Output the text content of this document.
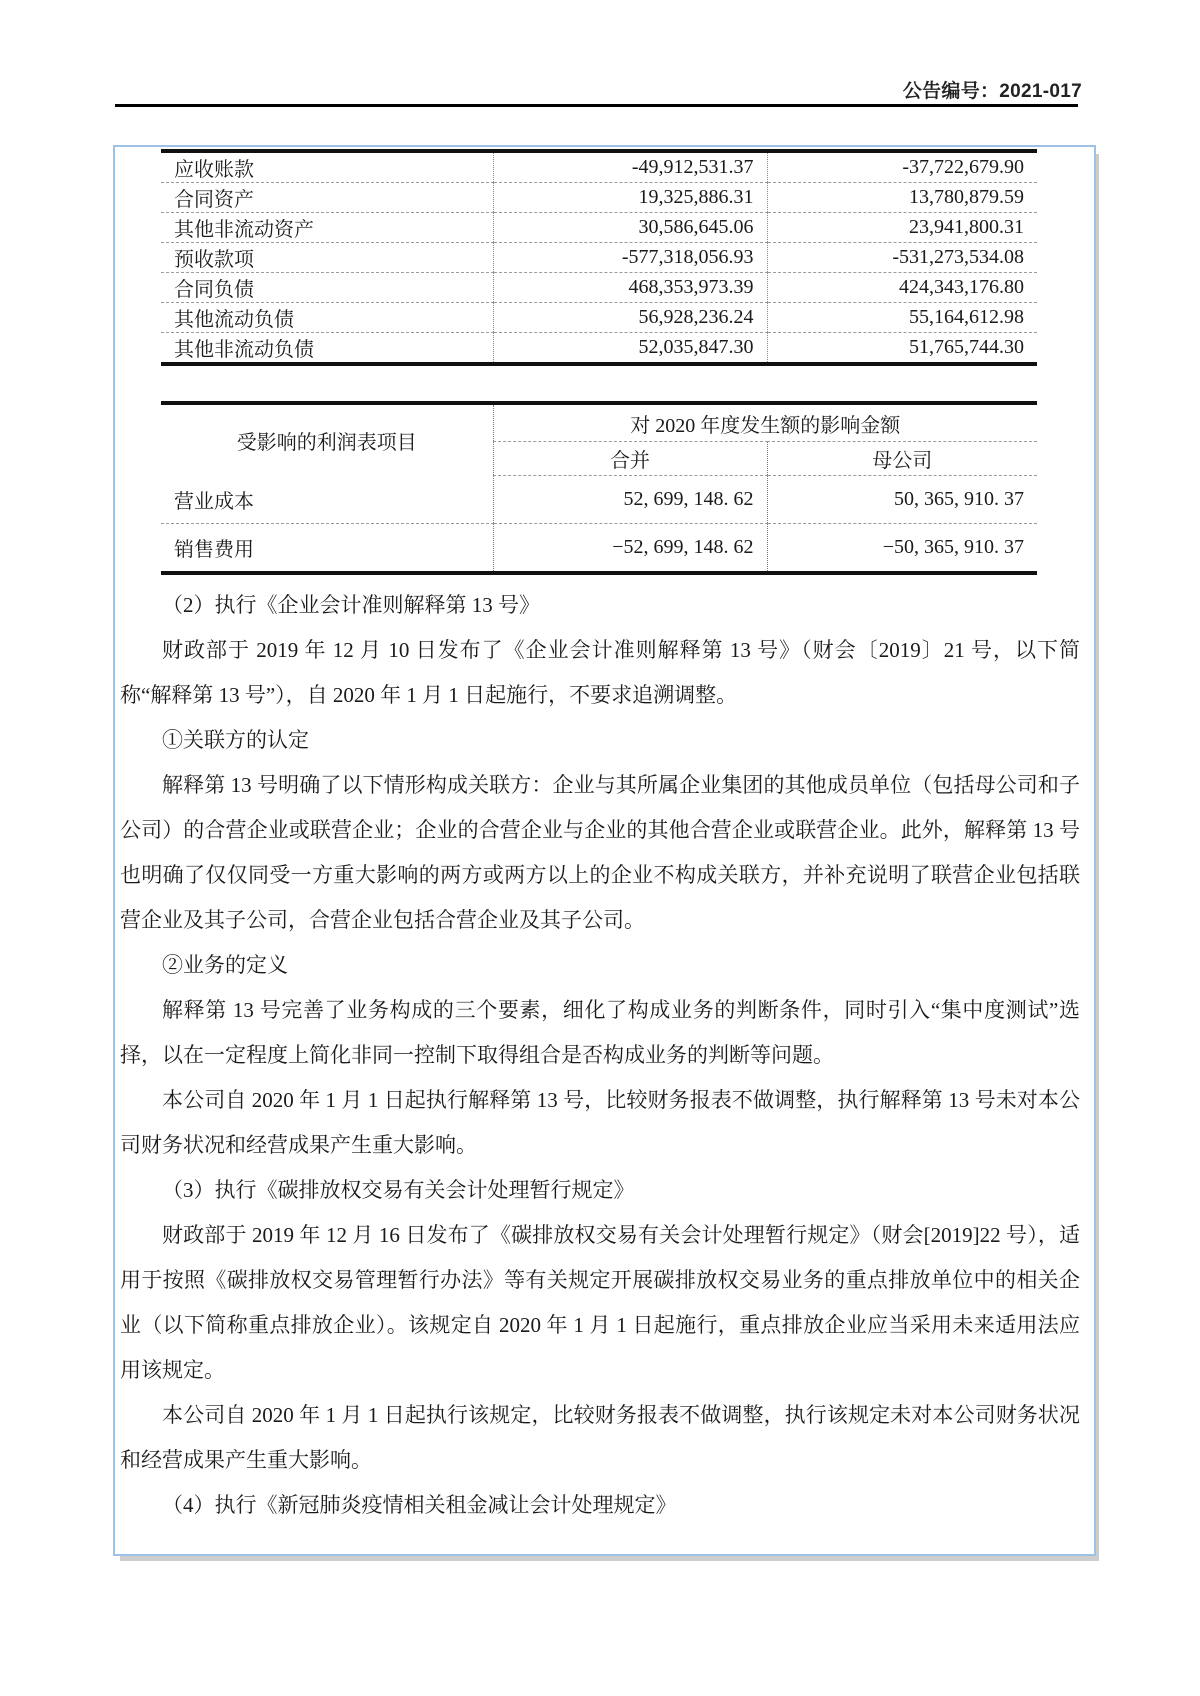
公告编号：2021-017
应收账款	-49,912,531.37	-37,722,679.90
合同资产	19,325,886.31	13,780,879.59
其他非流动资产	30,586,645.06	23,941,800.31
预收款项	-577,318,056.93	-531,273,534.08
合同负债	468,353,973.39	424,343,176.80
其他流动负债	56,928,236.24	55,164,612.98
其他非流动负债	52,035,847.30	51,765,744.30
受影响的利润表项目	对 2020 年度发生额的影响金额	
	合并	母公司
营业成本	52, 699, 148. 62	50, 365, 910. 37
销售费用	−52, 699, 148. 62	−50, 365, 910. 37

（2）执行《企业会计准则解释第 13 号》

财政部于 2019 年 12 月 10 日发布了《企业会计准则解释第 13 号》（财会〔2019〕21 号，以下简称“解释第 13 号”），自 2020 年 1 月 1 日起施行，不要求追溯调整。

①关联方的认定

解释第 13 号明确了以下情形构成关联方：企业与其所属企业集团的其他成员单位（包括母公司和子公司）的合营企业或联营企业；企业的合营企业与企业的其他合营企业或联营企业。此外，解释第 13 号也明确了仅仅同受一方重大影响的两方或两方以上的企业不构成关联方，并补充说明了联营企业包括联营企业及其子公司，合营企业包括合营企业及其子公司。

②业务的定义

解释第 13 号完善了业务构成的三个要素，细化了构成业务的判断条件，同时引入“集中度测试”选择，以在一定程度上简化非同一控制下取得组合是否构成业务的判断等问题。

本公司自 2020 年 1 月 1 日起执行解释第 13 号，比较财务报表不做调整，执行解释第 13 号未对本公司财务状况和经营成果产生重大影响。

（3）执行《碳排放权交易有关会计处理暂行规定》

财政部于 2019 年 12 月 16 日发布了《碳排放权交易有关会计处理暂行规定》（财会[2019]22 号），适用于按照《碳排放权交易管理暂行办法》等有关规定开展碳排放权交易业务的重点排放单位中的相关企业（以下简称重点排放企业）。该规定自 2020 年 1 月 1 日起施行，重点排放企业应当采用未来适用法应用该规定。

本公司自 2020 年 1 月 1 日起执行该规定，比较财务报表不做调整，执行该规定未对本公司财务状况和经营成果产生重大影响。

（4）执行《新冠肺炎疫情相关租金减让会计处理规定》
